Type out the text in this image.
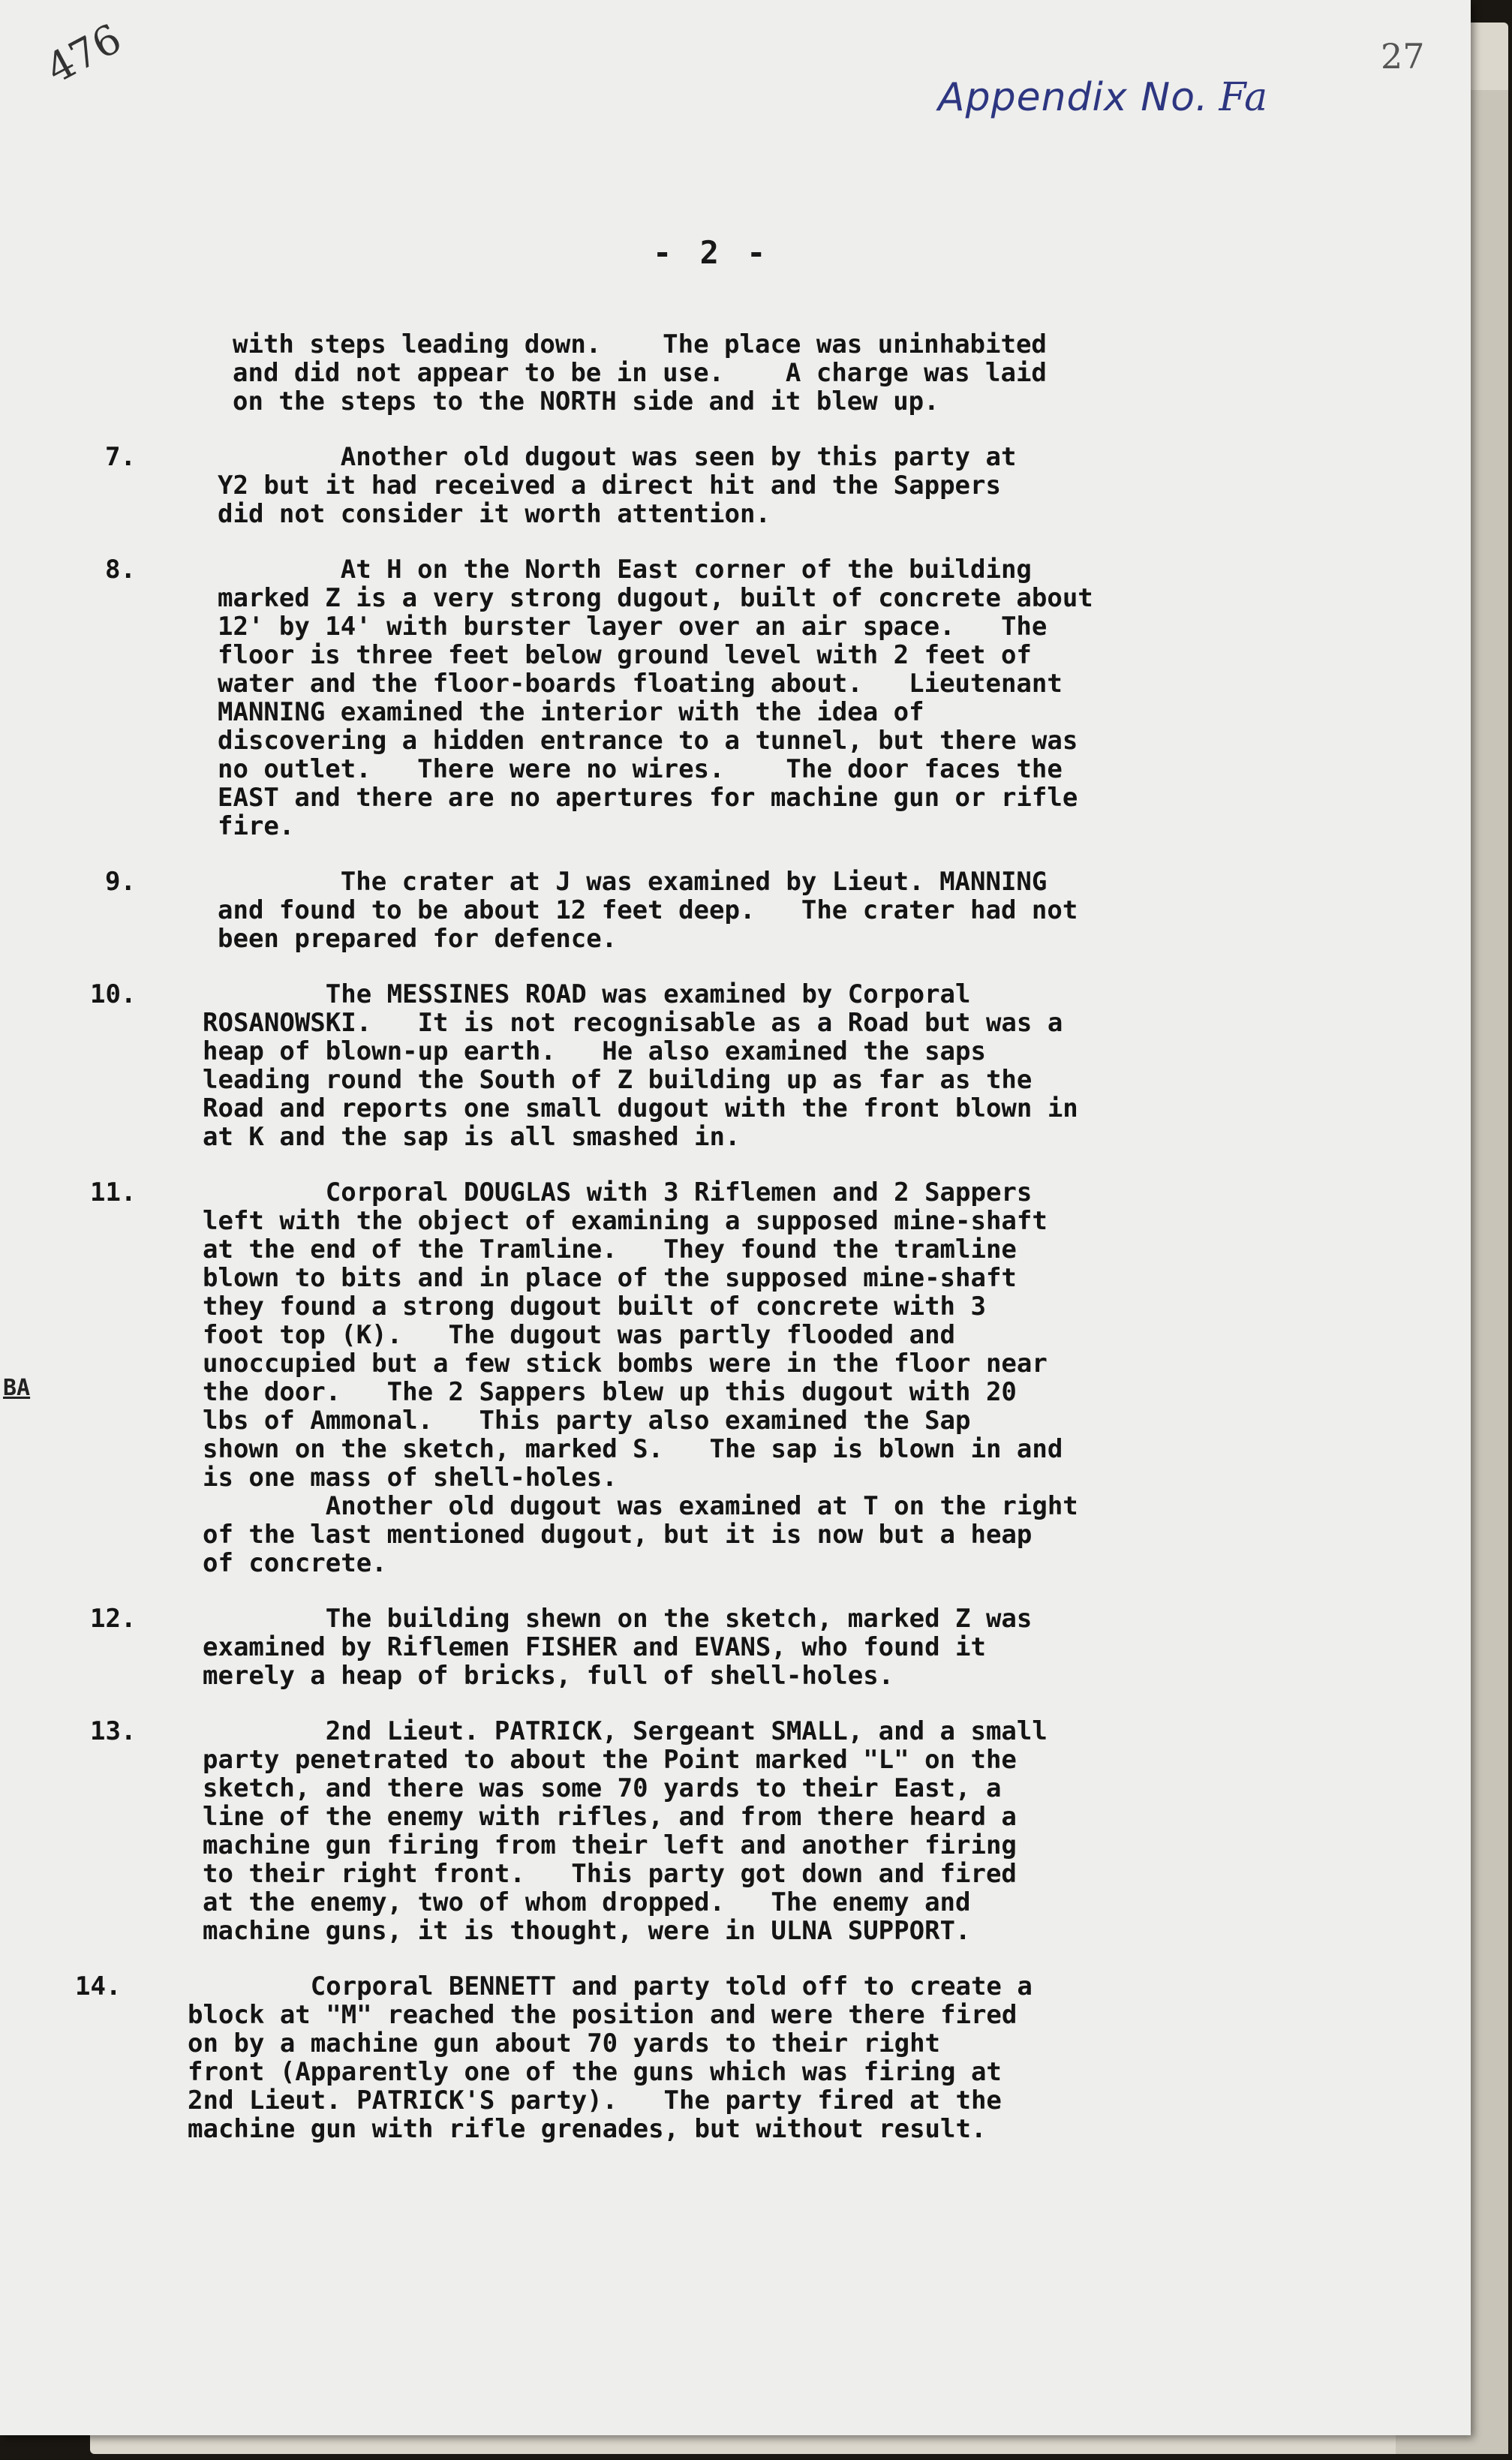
476	27
Appendix No. Fa
- 2 -
BA
with steps leading down.    The place was uninhabited
and did not appear to be in use.    A charge was laid
on the steps to the NORTH side and it blew up.
7.	Another old dugout was seen by this party at
Y2 but it had received a direct hit and the Sappers
did not consider it worth attention.
8.	At H on the North East corner of the building
marked Z is a very strong dugout, built of concrete about
12' by 14' with burster layer over an air space.   The
floor is three feet below ground level with 2 feet of
water and the floor-boards floating about.   Lieutenant
MANNING examined the interior with the idea of
discovering a hidden entrance to a tunnel, but there was
no outlet.   There were no wires.    The door faces the
EAST and there are no apertures for machine gun or rifle
fire.
9.	The crater at J was examined by Lieut. MANNING
and found to be about 12 feet deep.   The crater had not
been prepared for defence.
10.	The MESSINES ROAD was examined by Corporal
ROSANOWSKI.   It is not recognisable as a Road but was a
heap of blown-up earth.   He also examined the saps
leading round the South of Z building up as far as the
Road and reports one small dugout with the front blown in
at K and the sap is all smashed in.
11.	Corporal DOUGLAS with 3 Riflemen and 2 Sappers
left with the object of examining a supposed mine-shaft
at the end of the Tramline.   They found the tramline
blown to bits and in place of the supposed mine-shaft
they found a strong dugout built of concrete with 3
foot top (K).   The dugout was partly flooded and
unoccupied but a few stick bombs were in the floor near
the door.   The 2 Sappers blew up this dugout with 20
lbs of Ammonal.   This party also examined the Sap
shown on the sketch, marked S.   The sap is blown in and
is one mass of shell-holes.
Another old dugout was examined at T on the right
of the last mentioned dugout, but it is now but a heap
of concrete.
12.	The building shewn on the sketch, marked Z was
examined by Riflemen FISHER and EVANS, who found it
merely a heap of bricks, full of shell-holes.
13.	2nd Lieut. PATRICK, Sergeant SMALL, and a small
party penetrated to about the Point marked "L" on the
sketch, and there was some 70 yards to their East, a
line of the enemy with rifles, and from there heard a
machine gun firing from their left and another firing
to their right front.   This party got down and fired
at the enemy, two of whom dropped.   The enemy and
machine guns, it is thought, were in ULNA SUPPORT.
14.	Corporal BENNETT and party told off to create a
block at "M" reached the position and were there fired
on by a machine gun about 70 yards to their right
front (Apparently one of the guns which was firing at
2nd Lieut. PATRICK'S party).   The party fired at the
machine gun with rifle grenades, but without result.
